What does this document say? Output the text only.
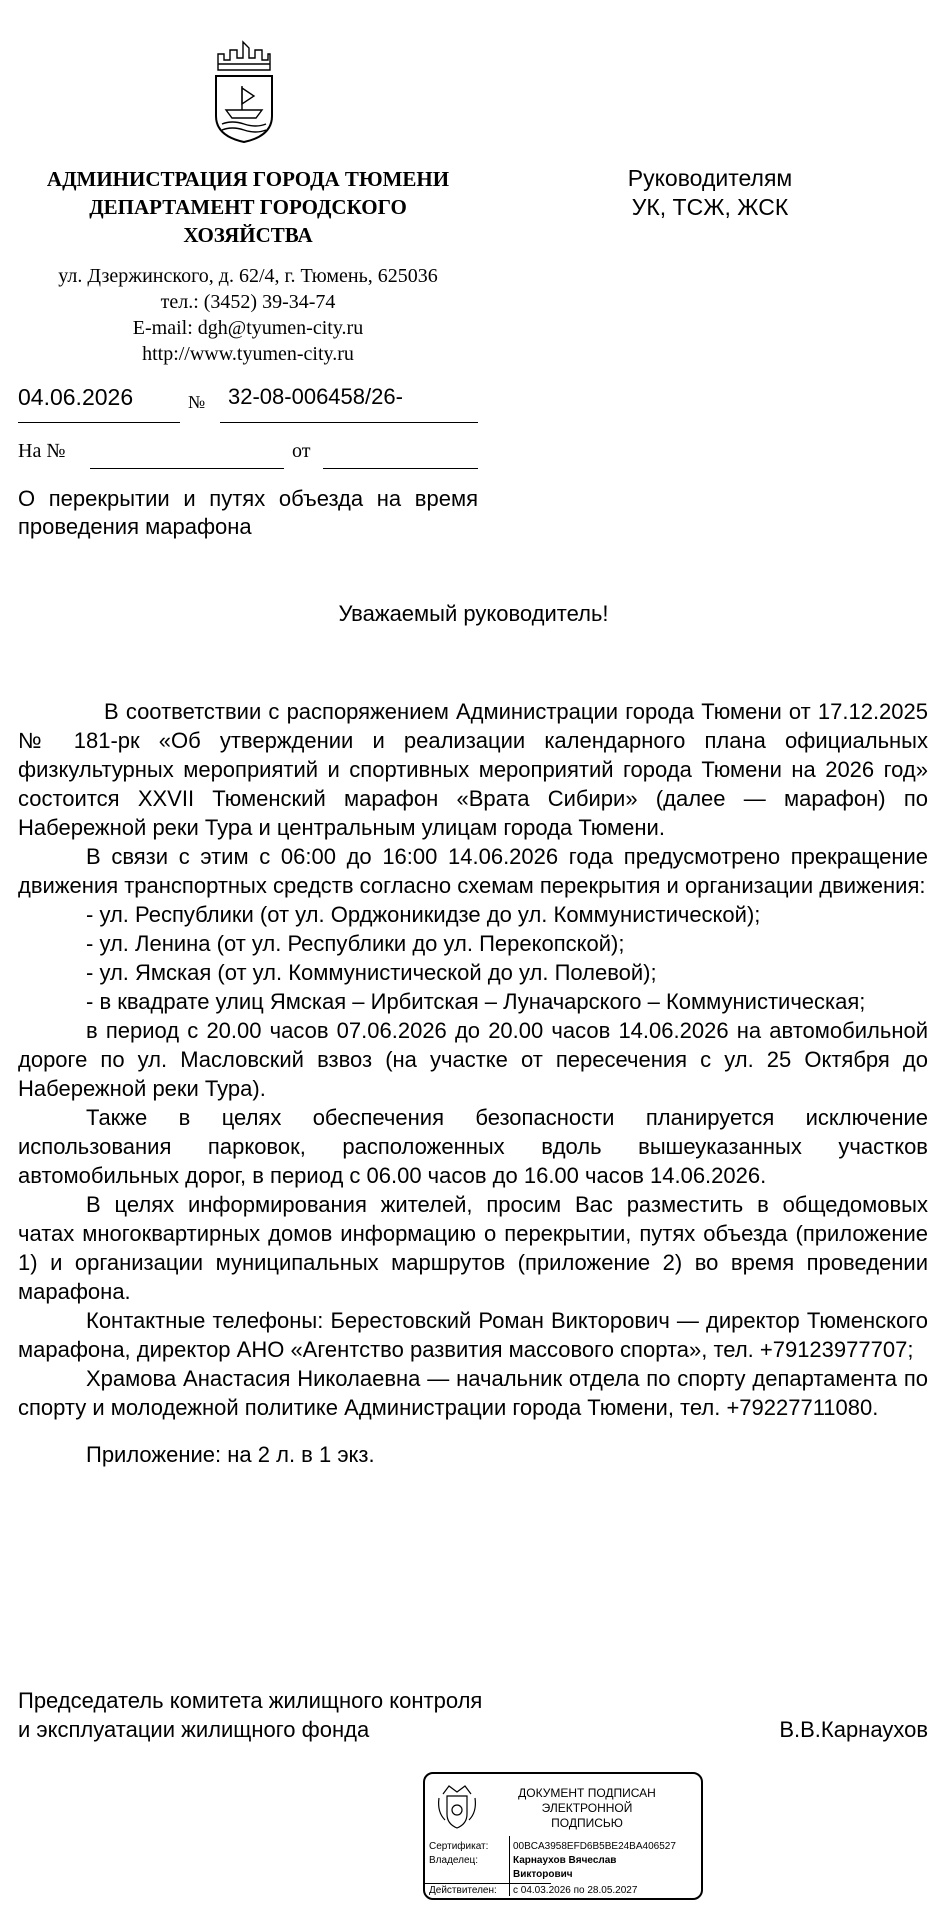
АДМИНИСТРАЦИЯ ГОРОДА ТЮМЕНИ
ДЕПАРТАМЕНТ ГОРОДСКОГО
ХОЗЯЙСТВА
ул. Дзержинского, д. 62/4, г. Тюмень, 625036
тел.: (3452) 39-34-74
E-mail: dgh@tyumen-city.ru
http://www.tyumen-city.ru
Руководителям
УК, ТСЖ, ЖСК
04.06.2026	№ 32-08-006458/26-
На №	от
О перекрытии и путях объезда на время проведения марафона
Уважаемый руководитель!

В соответствии с распоряжением Администрации города Тюмени от 17.12.2025 № 181-рк «Об утверждении и реализации календарного плана официальных физкультурных мероприятий и спортивных мероприятий города Тюмени на 2026 год» состоится XXVII Тюменский марафон «Врата Сибири» (далее — марафон) по Набережной реки Тура и центральным улицам города Тюмени.

В связи с этим с 06:00 до 16:00 14.06.2026 года предусмотрено прекращение движения транспортных средств согласно схемам перекрытия и организации движения:

- ул. Республики (от ул. Орджоникидзе до ул. Коммунистической);

- ул. Ленина (от ул. Республики до ул. Перекопской);

- ул. Ямская (от ул. Коммунистической до ул. Полевой);

- в квадрате улиц Ямская – Ирбитская – Луначарского – Коммунистическая;

в период с 20.00 часов 07.06.2026 до 20.00 часов 14.06.2026 на автомобильной дороге по ул. Масловский взвоз (на участке от пересечения с ул. 25 Октября до Набережной реки Тура).

Также в целях обеспечения безопасности планируется исключение использования парковок, расположенных вдоль вышеуказанных участков автомобильных дорог, в период с 06.00 часов до 16.00 часов 14.06.2026.

В целях информирования жителей, просим Вас разместить в общедомовых чатах многоквартирных домов информацию о перекрытии, путях объезда (приложение 1) и организации муниципальных маршрутов (приложение 2) во время проведении марафона.

Контактные телефоны: Берестовский Роман Викторович — директор Тюменского марафона, директор АНО «Агентство развития массового спорта», тел. +79123977707;

Храмова Анастасия Николаевна — начальник отдела по спорту департамента по спорту и молодежной политике Администрации города Тюмени, тел. +79227711080.

Приложение: на 2 л. в 1 экз.

Председатель комитета жилищного контроля
и эксплуатации жилищного фонда	В.В.Карнаухов
ДОКУМЕНТ ПОДПИСАН
ЭЛЕКТРОННОЙ ПОДПИСЬЮ
Сертификат: 00BCA3958EFD6B5BE24BA406527
Владелец:	Карнаухов Вячеслав
Викторович
Действителен: с 04.03.2026 по 28.05.2027
